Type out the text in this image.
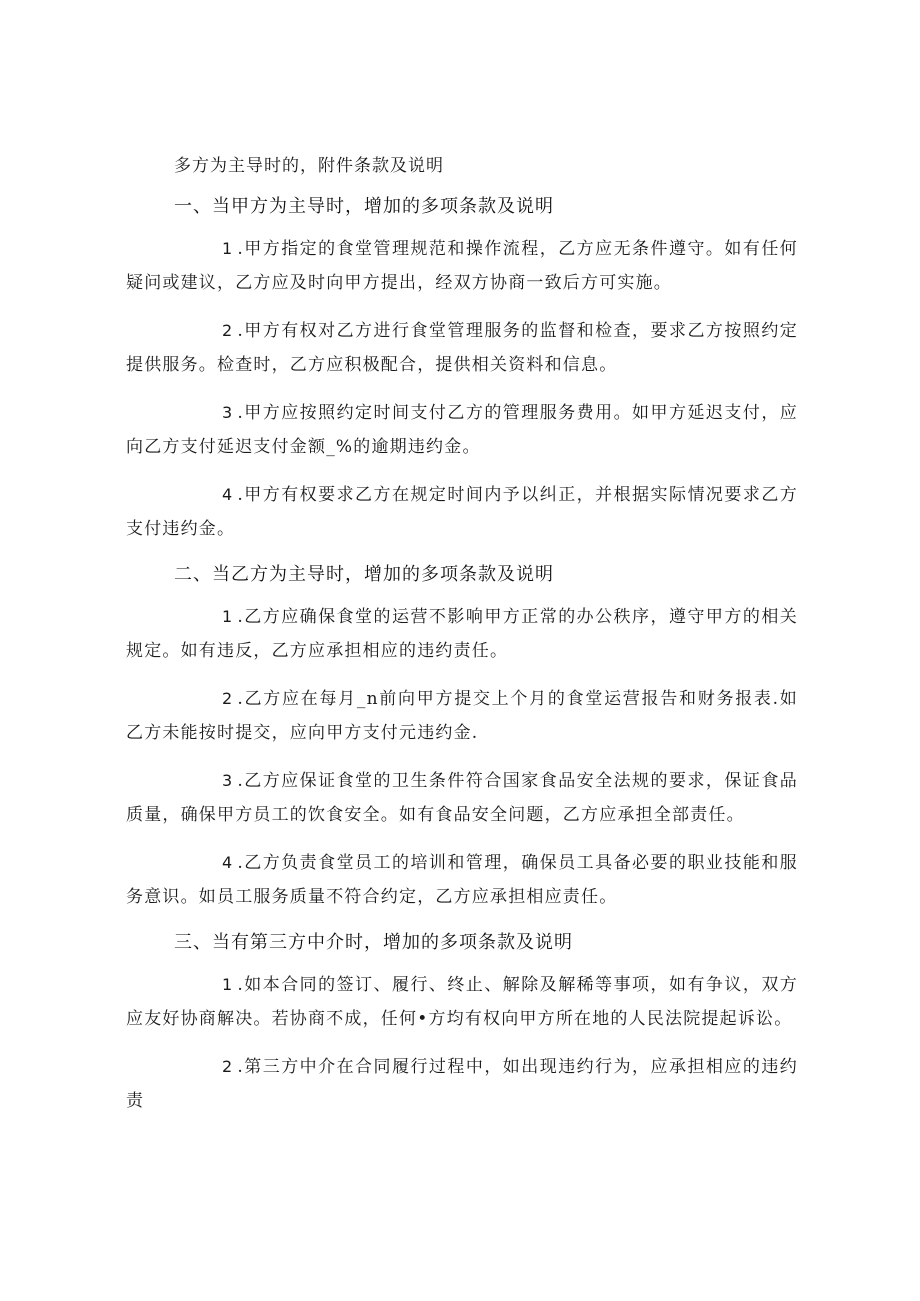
多方为主导时的，附件条款及说明

一、当甲方为主导时，增加的多项条款及说明

1 .甲方指定的食堂管理规范和操作流程，乙方应无条件遵守。如有任何疑问或建议，乙方应及时向甲方提出，经双方协商一致后方可实施。

2 .甲方有权对乙方进行食堂管理服务的监督和检查，要求乙方按照约定提供服务。检查时，乙方应积极配合，提供相关资料和信息。

3 .甲方应按照约定时间支付乙方的管理服务费用。如甲方延迟支付，应向乙方支付延迟支付金额_%的逾期违约金。

4 .甲方有权要求乙方在规定时间内予以纠正，并根据实际情况要求乙方支付违约金。

二、当乙方为主导时，增加的多项条款及说明

1 .乙方应确保食堂的运营不影响甲方正常的办公秩序，遵守甲方的相关规定。如有违反，乙方应承担相应的违约责任。

2 .乙方应在每月_n前向甲方提交上个月的食堂运营报告和财务报表.如乙方未能按时提交，应向甲方支付元违约金.

3 .乙方应保证食堂的卫生条件符合国家食品安全法规的要求，保证食品质量，确保甲方员工的饮食安全。如有食品安全问题，乙方应承担全部责任。

4 .乙方负责食堂员工的培训和管理，确保员工具备必要的职业技能和服务意识。如员工服务质量不符合约定，乙方应承担相应责任。

三、当有第三方中介时，增加的多项条款及说明

1 .如本合同的签订、履行、终止、解除及解稀等事项，如有争议，双方应友好协商解决。若协商不成，任何•方均有权向甲方所在地的人民法院提起诉讼。

2 .第三方中介在合同履行过程中，如出现违约行为，应承担相应的违约责
